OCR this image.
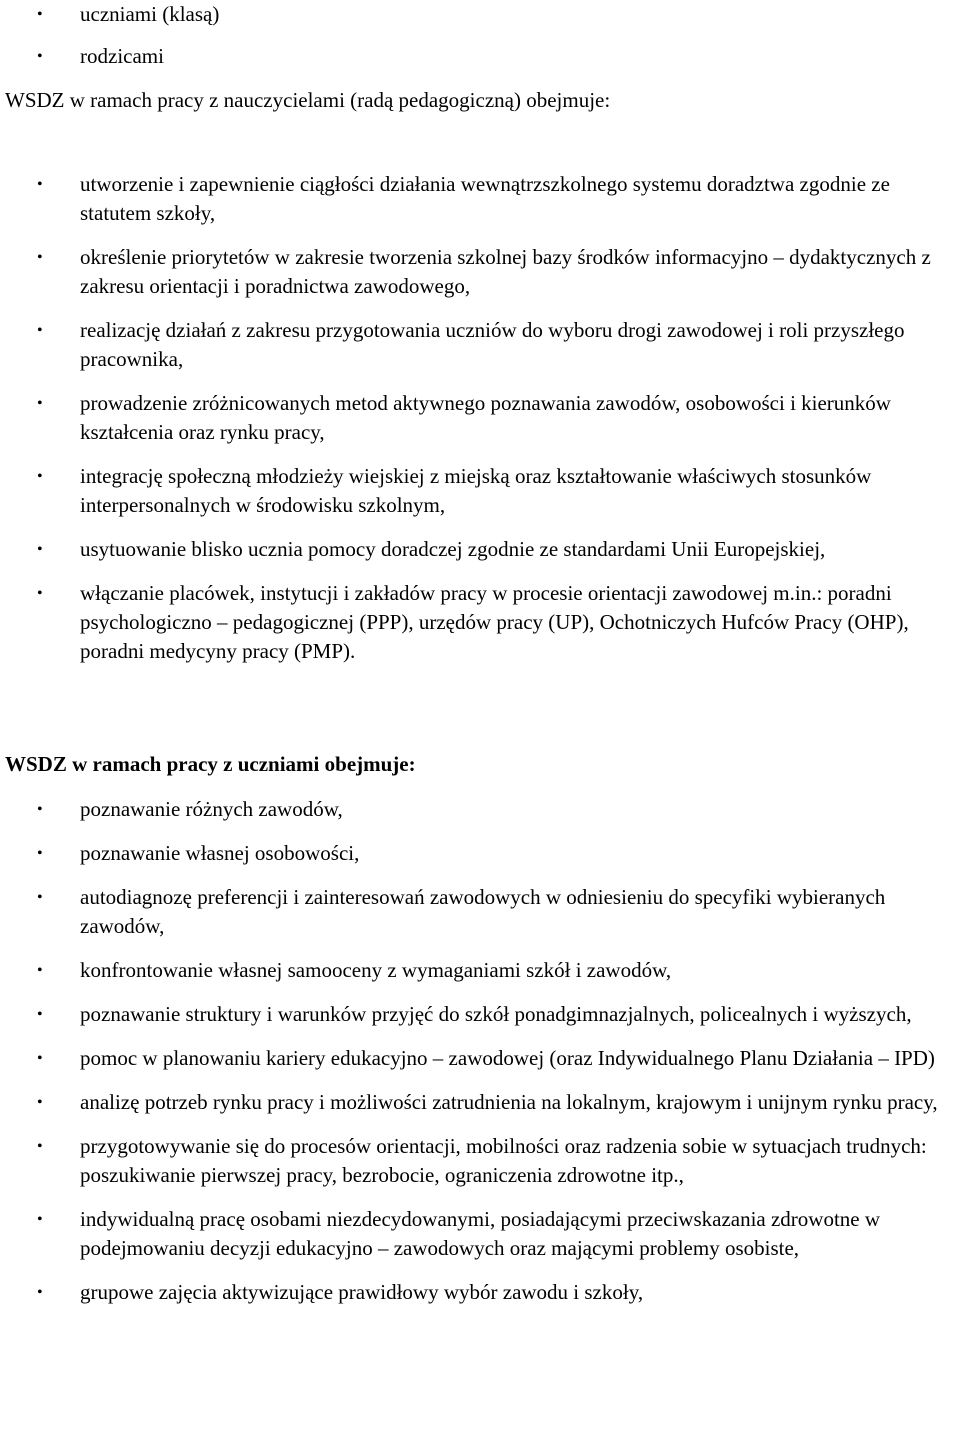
• uczniami (klasą)
• rodzicami

WSDZ w ramach pracy z nauczycielami (radą pedagogiczną) obejmuje:

• utworzenie i zapewnienie ciągłości działania wewnątrzszkolnego systemu doradztwa zgodnie ze statutem szkoły,
• określenie priorytetów w zakresie tworzenia szkolnej bazy środków informacyjno – dydaktycznych z zakresu orientacji i poradnictwa zawodowego,
• realizację działań z zakresu przygotowania uczniów do wyboru drogi zawodowej i roli przyszłego pracownika,
• prowadzenie zróżnicowanych metod aktywnego poznawania zawodów, osobowości i kierunków kształcenia oraz rynku pracy,
• integrację społeczną młodzieży wiejskiej z miejską oraz kształtowanie właściwych stosunków interpersonalnych w środowisku szkolnym,
• usytuowanie blisko ucznia pomocy doradczej zgodnie ze standardami Unii Europejskiej,
• włączanie placówek, instytucji i zakładów pracy w procesie orientacji zawodowej m.in.: poradni psychologiczno – pedagogicznej (PPP), urzędów pracy (UP), Ochotniczych Hufców Pracy (OHP), poradni medycyny pracy (PMP).

WSDZ w ramach pracy z uczniami obejmuje:

• poznawanie różnych zawodów,
• poznawanie własnej osobowości,
• autodiagnozę preferencji i zainteresowań zawodowych w odniesieniu do specyfiki wybieranych zawodów,
• konfrontowanie własnej samooceny z wymaganiami szkół i zawodów,
• poznawanie struktury i warunków przyjęć do szkół ponadgimnazjalnych, policealnych i wyższych,
• pomoc w planowaniu kariery edukacyjno – zawodowej (oraz Indywidualnego Planu Działania – IPD)
• analizę potrzeb rynku pracy i możliwości zatrudnienia na lokalnym, krajowym i unijnym rynku pracy,
• przygotowywanie się do procesów orientacji, mobilności oraz radzenia sobie w sytuacjach trudnych: poszukiwanie pierwszej pracy, bezrobocie, ograniczenia zdrowotne itp.,
• indywidualną pracę osobami niezdecydowanymi, posiadającymi przeciwskazania zdrowotne w podejmowaniu decyzji edukacyjno – zawodowych oraz mającymi problemy osobiste,
• grupowe zajęcia aktywizujące prawidłowy wybór zawodu i szkoły,
